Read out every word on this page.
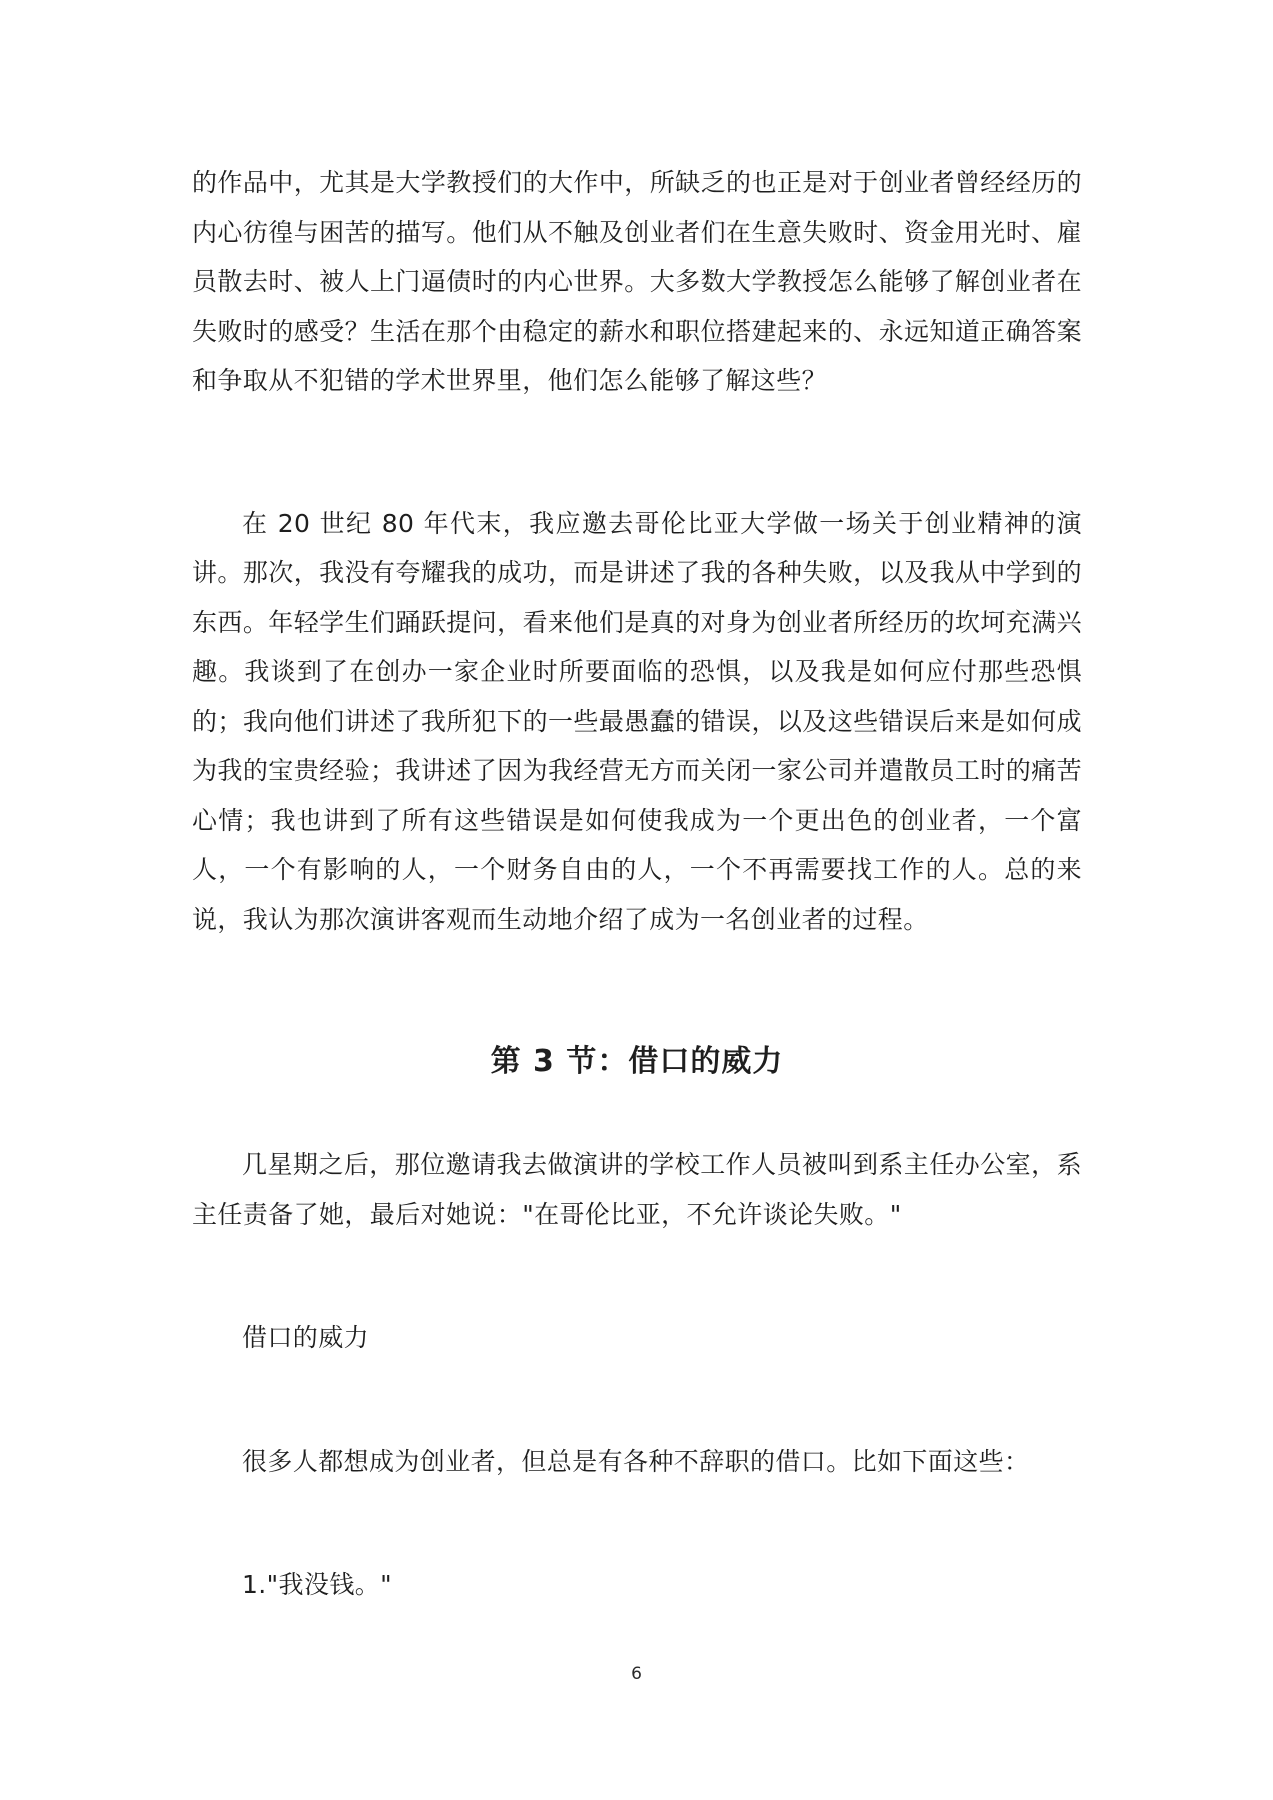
的作品中，尤其是大学教授们的大作中，所缺乏的也正是对于创业者曾经经历的内心彷徨与困苦的描写。他们从不触及创业者们在生意失败时、资金用光时、雇员散去时、被人上门逼债时的内心世界。大多数大学教授怎么能够了解创业者在失败时的感受？生活在那个由稳定的薪水和职位搭建起来的、永远知道正确答案和争取从不犯错的学术世界里，他们怎么能够了解这些？

在 20 世纪 80 年代末，我应邀去哥伦比亚大学做一场关于创业精神的演讲。那次，我没有夸耀我的成功，而是讲述了我的各种失败，以及我从中学到的东西。年轻学生们踊跃提问，看来他们是真的对身为创业者所经历的坎坷充满兴趣。我谈到了在创办一家企业时所要面临的恐惧，以及我是如何应付那些恐惧的；我向他们讲述了我所犯下的一些最愚蠢的错误，以及这些错误后来是如何成为我的宝贵经验；我讲述了因为我经营无方而关闭一家公司并遣散员工时的痛苦心情；我也讲到了所有这些错误是如何使我成为一个更出色的创业者，一个富人，一个有影响的人，一个财务自由的人，一个不再需要找工作的人。总的来说，我认为那次演讲客观而生动地介绍了成为一名创业者的过程。

第 3 节：借口的威力

几星期之后，那位邀请我去做演讲的学校工作人员被叫到系主任办公室，系主任责备了她，最后对她说："在哥伦比亚，不允许谈论失败。"

借口的威力

很多人都想成为创业者，但总是有各种不辞职的借口。比如下面这些：

1."我没钱。"

6
